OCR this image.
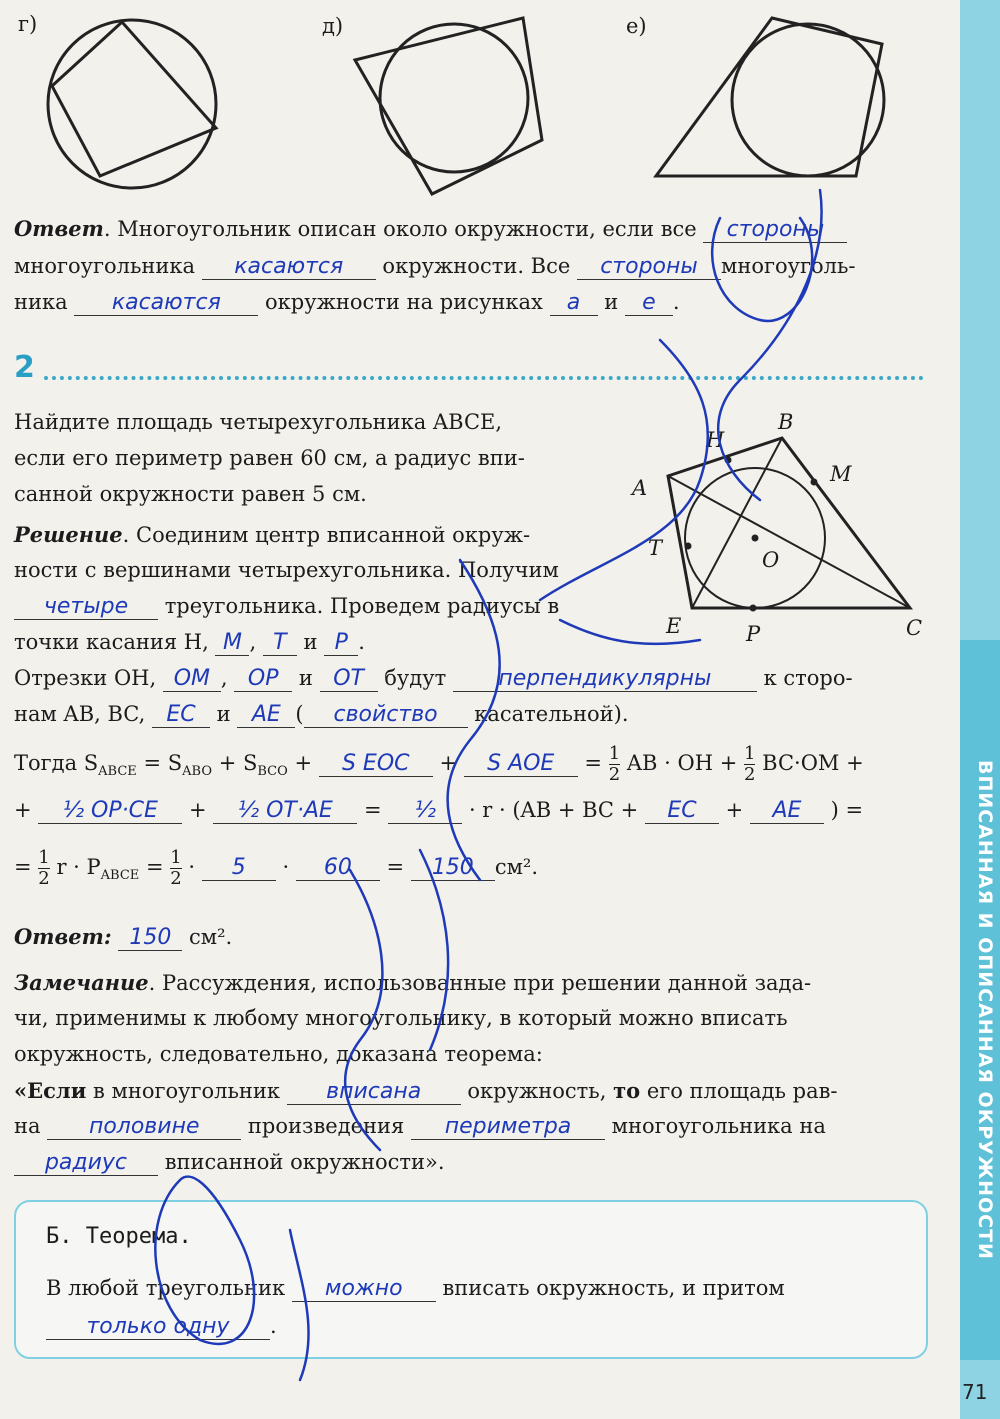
ВПИСАННАЯ И ОПИСАННАЯ ОКРУЖНОСТИ
71
г)	д)	е)
Ответ. Многоугольник описан около окружности, если все стороны
многоугольника касаются окружности. Все стороны многоуголь-
ника касаются окружности на рисунках а и е .
2
Найдите площадь четырехугольника ABCE,
если его периметр равен 60 см, а радиус впи-
санной окружности равен 5 см.	A
B
C
E
H
M
T
P
O
Решение. Соединим центр вписанной окруж-
ности с вершинами четырехугольника. Получим
четыре треугольника. Проведем радиусы в
точки касания H, M , T и P .
Отрезки OH, OM , OP и OT будут перпендикулярны к сторо-
нам AB, BC, EC и AE ( свойство касательной).
Тогда $S_{ABCE} = S_{ABO} + S_{BCO} + S$ EOC + S AOE = $\frac{1}{2}$ AB · OH + $\frac{1}{2} BC\cdot OM$ +
+ ½ OP·CE + ½ OT·AE = ½ · r · (AB + BC + EC + AE ) =
= $\frac{1}{2}$ $r \cdot P_{ABCE} = \frac{1}{2} \cdot 5 \cdot 60 = 150$ см².
Ответ: 150 см².
Замечание. Рассуждения, использованные при решении данной зада-
чи, применимы к любому многоугольнику, в который можно вписать
окружность, следовательно, доказана теорема:
«Если в многоугольник вписана окружность, то его площадь рав-
на половине произведения периметра многоугольника на
радиус вписанной окружности».
Б. Теорема.
В любой треугольник можно вписать окружность, и притом
только одну .
